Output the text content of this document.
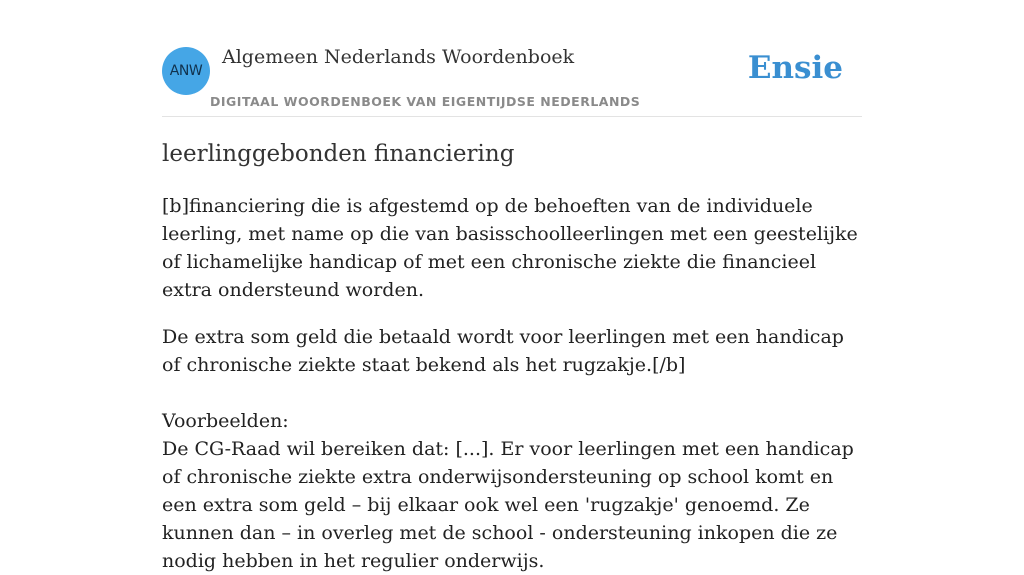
ANW
Algemeen Nederlands Woordenboek
DIGITAAL WOORDENBOEK VAN EIGENTIJDSE NEDERLANDS
Ensie
leerlinggebonden financiering

[b]financiering die is afgestemd op de behoeften van de individuele leerling, met name op die van basisschoolleerlingen met een geestelijke of lichamelijke handicap of met een chronische ziekte die financieel extra ondersteund worden.

De extra som geld die betaald wordt voor leerlingen met een handicap of chronische ziekte staat bekend als het rugzakje.[/b]

Voorbeelden:

De CG-Raad wil bereiken dat: [...]. Er voor leerlingen met een handicap of chronische ziekte extra onderwijsondersteuning op school komt en een extra som geld – bij elkaar ook wel een 'rugzakje' genoemd. Ze kunnen dan – in overleg met de school - ondersteuning inkopen die ze nodig hebben in het regulier onderwijs.
